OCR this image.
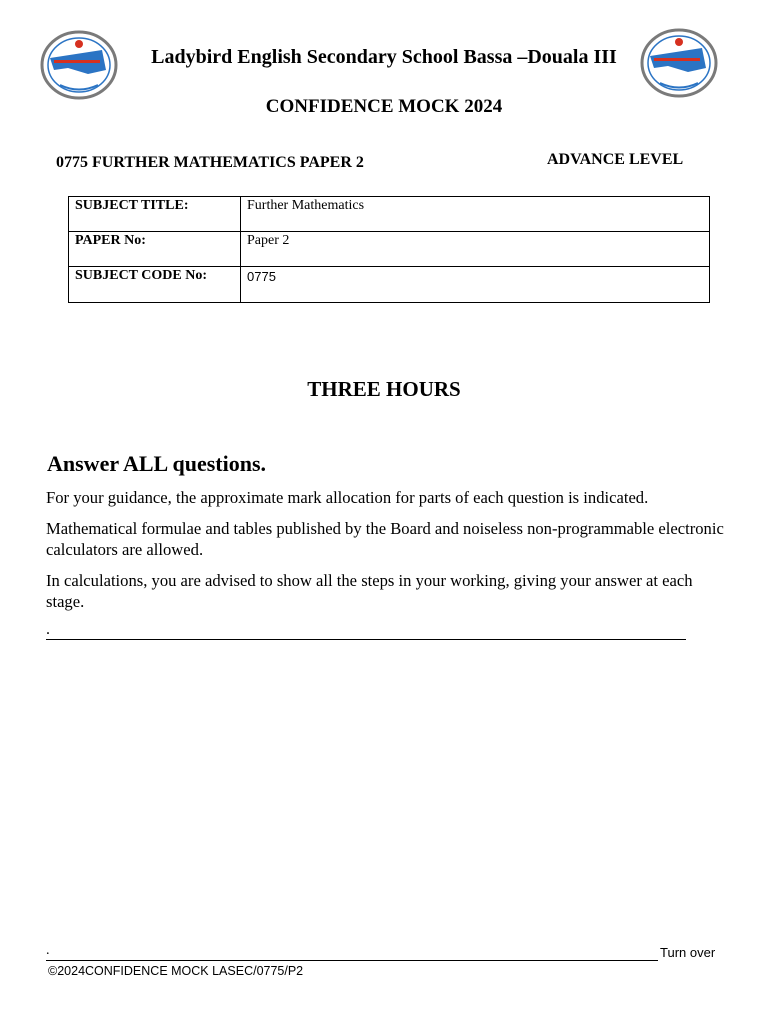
Ladybird English Secondary School Bassa –Douala III
CONFIDENCE MOCK 2024
0775 FURTHER MATHEMATICS PAPER 2	ADVANCE LEVEL
SUBJECT TITLE:	Further Mathematics
PAPER No:	Paper 2
SUBJECT CODE No:	0775
THREE HOURS
Answer ALL questions.
For your guidance, the approximate mark allocation for parts of each question is indicated.
Mathematical formulae and tables published by the Board and noiseless non-programmable electronic calculators are allowed.
In calculations, you are advised to show all the steps in your working, giving your answer at each stage.
.
.	Turn over
©2024CONFIDENCE MOCK LASEC/0775/P2
